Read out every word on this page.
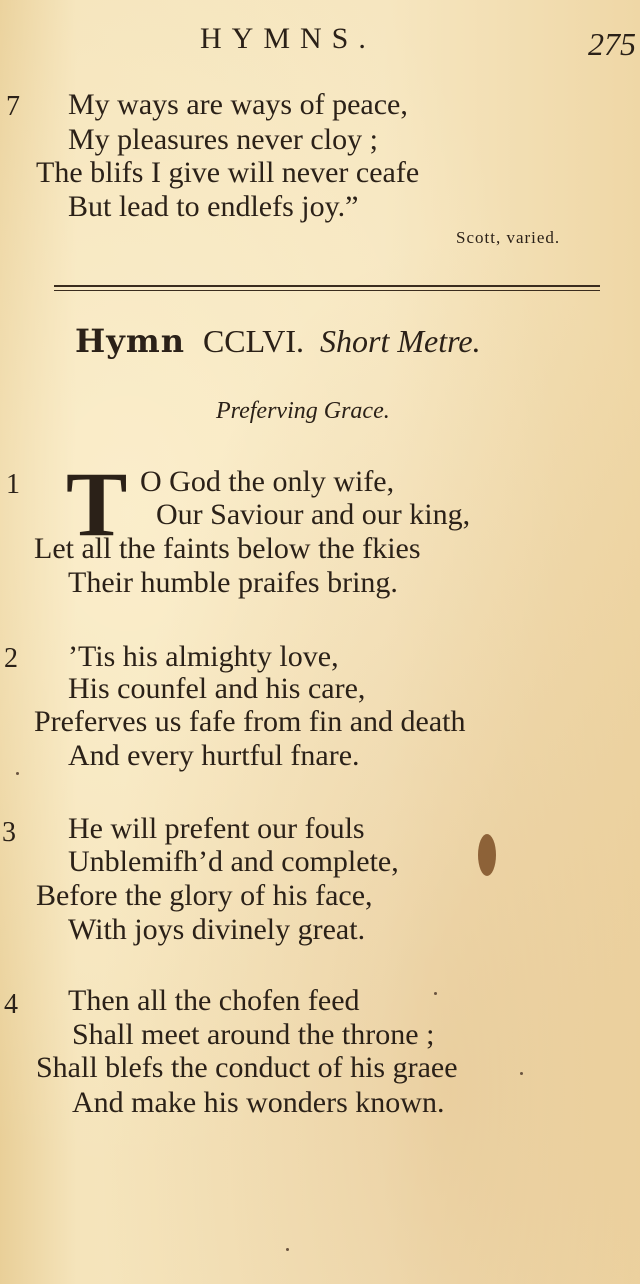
HYMNS.	275
7 My ways are ways of peace,
My pleasures never cloy ;
The blifs I give will never ceafe
But lead to endlefs joy.”
Scott, varied.
Hymn CCLVI. Short Metre.
Preferving Grace.
1 T O God the only wife,
Our Saviour and our king,
Let all the faints below the fkies
Their humble praifes bring.
2 ’Tis his almighty love,
His counfel and his care,
Preferves us fafe from fin and death
And every hurtful fnare.
3 He will prefent our fouls
Unblemifh’d and complete,
Before the glory of his face,
With joys divinely great.
4 Then all the chofen feed
Shall meet around the throne ;
Shall blefs the conduct of his graee
And make his wonders known.
